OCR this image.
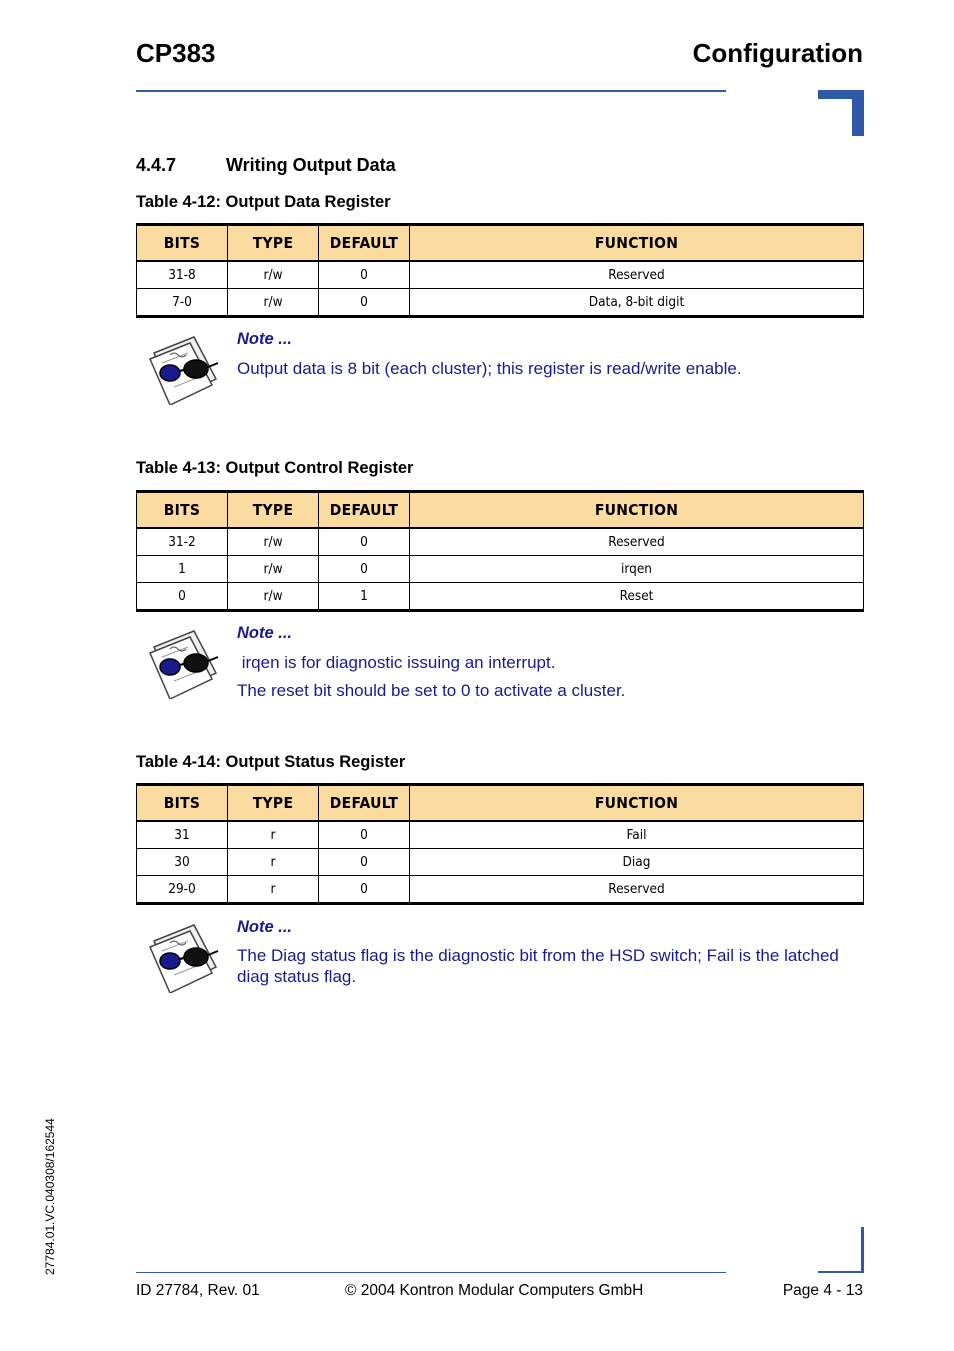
CP383	Configuration
4.4.7	Writing Output Data
Table 4-12: Output Data Register
BITS	TYPE	DEFAULT	FUNCTION
31-8	r/w	0	Reserved
7-0	r/w	0	Data, 8-bit digit
Note ...
Output data is 8 bit (each cluster); this register is read/write enable.
Table 4-13: Output Control Register
BITS	TYPE	DEFAULT	FUNCTION
31-2	r/w	0	Reserved
1	r/w	0	irqen
0	r/w	1	Reset
Note ...
irqen is for diagnostic issuing an interrupt.
The reset bit should be set to 0 to activate a cluster.
Table 4-14: Output Status Register
BITS	TYPE	DEFAULT	FUNCTION
31	r	0	Fail
30	r	0	Diag
29-0	r	0	Reserved
Note ...
The Diag status flag is the diagnostic bit from the HSD switch; Fail is the latched diag status flag.
27784.01.VC.040308/162544
ID 27784, Rev. 01	© 2004 Kontron Modular Computers GmbH	Page 4 - 13
